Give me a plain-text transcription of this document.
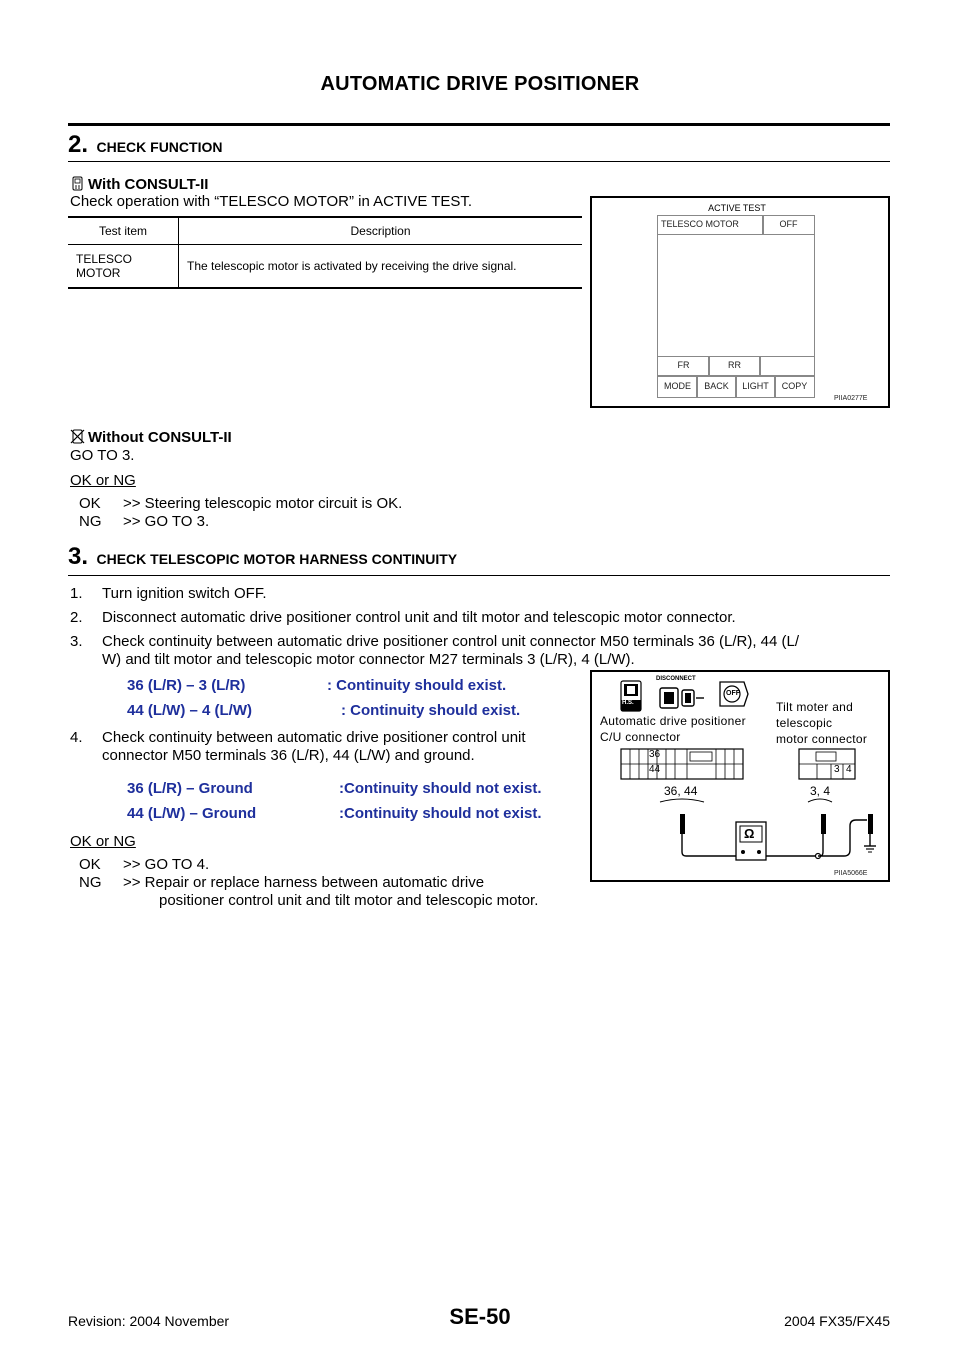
AUTOMATIC DRIVE POSITIONER
2. CHECK FUNCTION
With CONSULT-II
Check operation with “TELESCO MOTOR” in ACTIVE TEST.
Test item	Description
TELESCO
MOTOR	The telescopic motor is activated by receiving the drive signal.
ACTIVE TEST
TELESCO MOTOR	OFF
FR	RR
MODE	BACK	LIGHT	COPY
PIIA0277E
Without CONSULT-II
GO TO 3.
OK or NG
OK >> Steering telescopic motor circuit is OK.
NG >> GO TO 3.
3. CHECK TELESCOPIC MOTOR HARNESS CONTINUITY
1. Turn ignition switch OFF.
2. Disconnect automatic drive positioner control unit and tilt motor and telescopic motor connector.
3. Check continuity between automatic drive positioner control unit connector M50 terminals 36 (L/R), 44 (L/
W) and tilt motor and telescopic motor connector M27 terminals 3 (L/R), 4 (L/W).
36 (L/R) – 3 (L/R)	: Continuity should exist.
44 (L/W) – 4 (L/W)	: Continuity should exist.
4. Check continuity between automatic drive positioner control unit
connector M50 terminals 36 (L/R), 44 (L/W) and ground.
36 (L/R) – Ground	:Continuity should not exist.
44 (L/W) – Ground	:Continuity should not exist.
OK or NG
OK >> GO TO 4.
NG >> Repair or replace harness between automatic drive
positioner control unit and tilt motor and telescopic motor.
H.S.
DISCONNECT
OFF
Automatic drive positioner
C/U connector
Tilt moter and
telescopic
motor connector
36
44	3 4
36, 44	3, 4
Ω
PIIA5066E
Revision: 2004 November	SE-50	2004 FX35/FX45
